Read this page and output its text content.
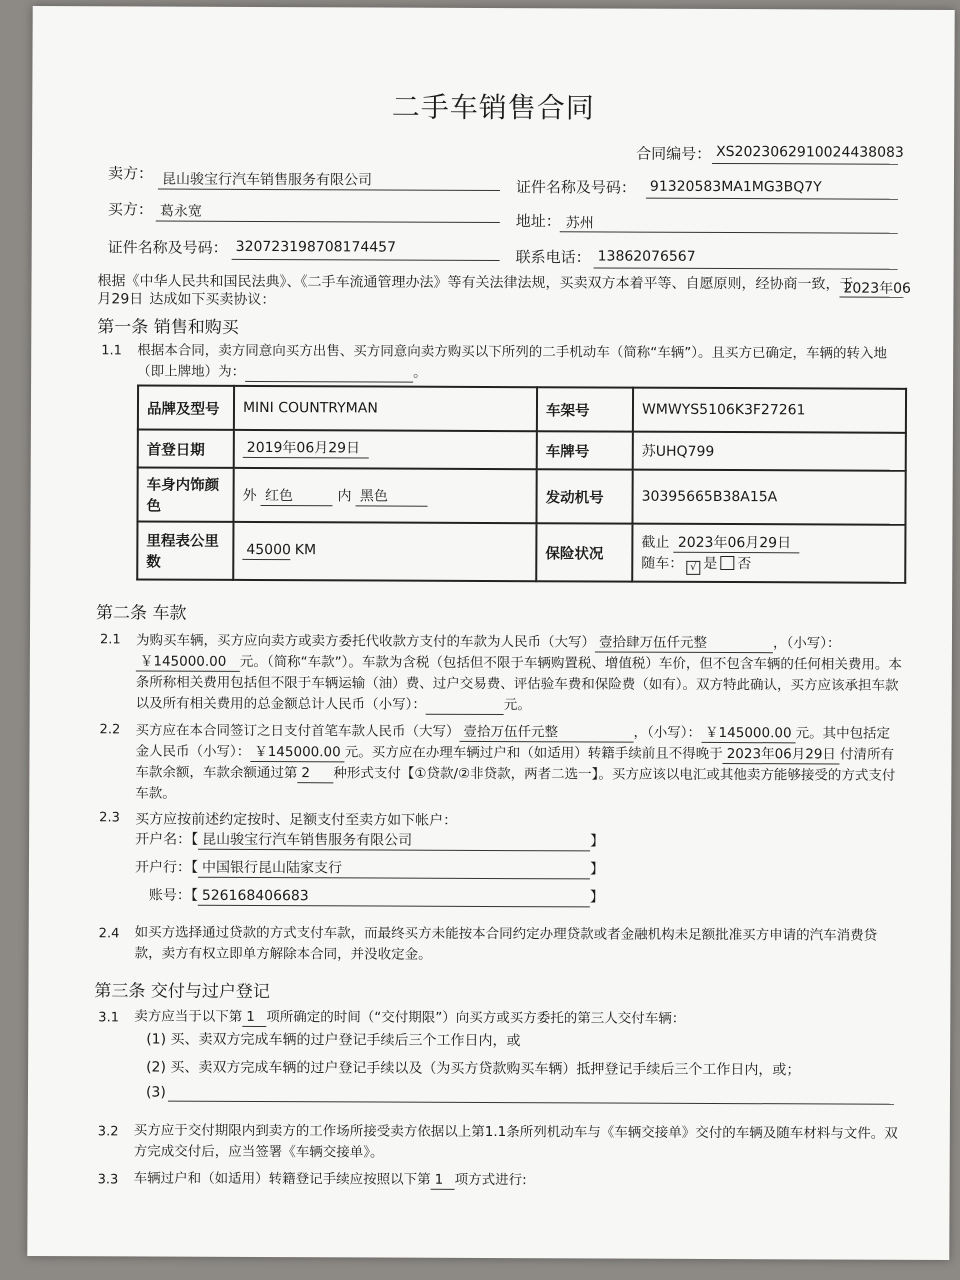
二手车销售合同
合同编号： XS2023062910024438083
卖方： 昆山骏宝行汽车销售服务有限公司	证件名称及号码： 91320583MA1MG3BQ7Y
买方： 葛永宽
地址： 苏州
证件名称及号码： 320723198708174457
联系电话： 13862076567
根据《中华人民共和国民法典》、《二手车流通管理办法》等有关法律法规，买卖双方本着平等、自愿原则，经协商一致，于
2023年06
月29日 达成如下买卖协议：
第一条 销售和购买
1.1 根据本合同，卖方同意向买方出售、买方同意向卖方购买以下所列的二手机动车（简称“车辆”）。且买方已确定，车辆的转入地（即上牌地）为：	。
品牌及型号	MINI COUNTRYMAN	车架号	WMWYS5106K3F27261
首登日期	2019年06月29日	车牌号	苏UHQ799
车身内饰颜色	外 红色 内 黑色	发动机号	30395665B38A15A
里程表公里数	45000 KM	保险状况	截止 2023年06月29日
随车： √ 是 否
第二条 车款
2.1 为购买车辆，买方应向卖方或卖方委托代收款方支付的车款为人民币（大写） 壹拾肆万伍仟元整	，（小写）：￥145000.00 元。（简称“车款”）。车款为含税（包括但不限于车辆购置税、增值税）车价，但不包含车辆的任何相关费用。本条所称相关费用包括但不限于车辆运输（油）费、过户交易费、评估验车费和保险费（如有）。双方特此确认，买方应该承担车款以及所有相关费用的总金额总计人民币（小写）：	元。
2.2 买方应在本合同签订之日支付首笔车款人民币（大写） 壹拾万伍仟元整	，（小写）： ￥145000.00 元。其中包括定金人民币（小写）： ￥145000.00 元。买方应在办理车辆过户和（如适用）转籍手续前且不得晚于 2023年06月29日 付清所有车款余额，车款余额通过第 2 种形式支付【①贷款/②非贷款，两者二选一】。买方应该以电汇或其他卖方能够接受的方式支付车款。
2.3 买方应按前述约定按时、足额支付至卖方如下帐户：
开户名：【 昆山骏宝行汽车销售服务有限公司	】
开户行：【 中国银行昆山陆家支行	】
账号：【 526168406683	】
2.4 如买方选择通过贷款的方式支付车款，而最终买方未能按本合同约定办理贷款或者金融机构未足额批准买方申请的汽车消费贷款，卖方有权立即单方解除本合同，并没收定金。
第三条 交付与过户登记
3.1 卖方应当于以下第 1 项所确定的时间（“交付期限”）向买方或买方委托的第三人交付车辆：
(1) 买、卖双方完成车辆的过户登记手续后三个工作日内，或
(2) 买、卖双方完成车辆的过户登记手续以及（为买方贷款购买车辆）抵押登记手续后三个工作日内，或；
(3)
3.2 买方应于交付期限内到卖方的工作场所接受卖方依据以上第1.1条所列机动车与《车辆交接单》交付的车辆及随车材料与文件。双方完成交付后，应当签署《车辆交接单》。
3.3 车辆过户和（如适用）转籍登记手续应按照以下第 1 项方式进行:
